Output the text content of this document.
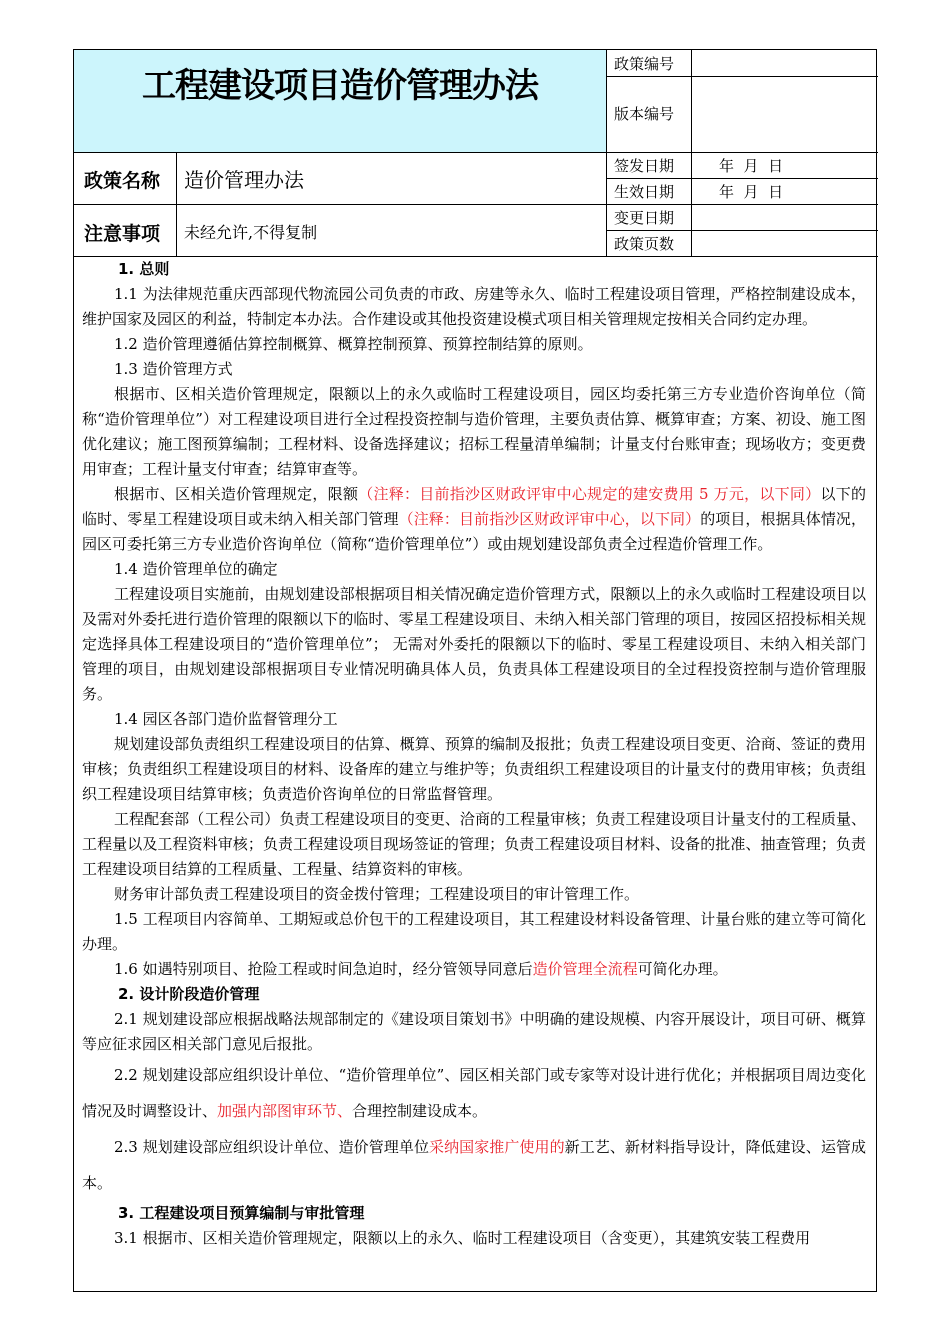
工程建设项目造价管理办法
政策编号
版本编号
签发日期	年  月  日
生效日期	年  月  日
变更日期
政策页数
政策名称 造价管理办法
注意事项 未经允许,不得复制

1. 总则

1.1 为法律规范重庆西部现代物流园公司负责的市政、房建等永久、临时工程建设项目管理，严格控制建设成本，维护国家及园区的利益，特制定本办法。合作建设或其他投资建设模式项目相关管理规定按相关合同约定办理。

1.2 造价管理遵循估算控制概算、概算控制预算、预算控制结算的原则。

1.3 造价管理方式

根据市、区相关造价管理规定，限额以上的永久或临时工程建设项目，园区均委托第三方专业造价咨询单位（简称“造价管理单位”）对工程建设项目进行全过程投资控制与造价管理，主要负责估算、概算审查；方案、初设、施工图优化建议；施工图预算编制；工程材料、设备选择建议；招标工程量清单编制；计量支付台账审查；现场收方；变更费用审查；工程计量支付审查；结算审查等。

根据市、区相关造价管理规定，限额（注释：目前指沙区财政评审中心规定的建安费用 5 万元，以下同）以下的临时、零星工程建设项目或未纳入相关部门管理（注释：目前指沙区财政评审中心，以下同）的项目，根据具体情况，园区可委托第三方专业造价咨询单位（简称“造价管理单位”）或由规划建设部负责全过程造价管理工作。

1.4 造价管理单位的确定

工程建设项目实施前，由规划建设部根据项目相关情况确定造价管理方式，限额以上的永久或临时工程建设项目以及需对外委托进行造价管理的限额以下的临时、零星工程建设项目、未纳入相关部门管理的项目，按园区招投标相关规定选择具体工程建设项目的“造价管理单位”； 无需对外委托的限额以下的临时、零星工程建设项目、未纳入相关部门管理的项目，由规划建设部根据项目专业情况明确具体人员，负责具体工程建设项目的全过程投资控制与造价管理服务。

1.4 园区各部门造价监督管理分工

规划建设部负责组织工程建设项目的估算、概算、预算的编制及报批；负责工程建设项目变更、洽商、签证的费用审核；负责组织工程建设项目的材料、设备库的建立与维护等；负责组织工程建设项目的计量支付的费用审核；负责组织工程建设项目结算审核；负责造价咨询单位的日常监督管理。

工程配套部（工程公司）负责工程建设项目的变更、洽商的工程量审核；负责工程建设项目计量支付的工程质量、工程量以及工程资料审核；负责工程建设项目现场签证的管理；负责工程建设项目材料、设备的批准、抽查管理；负责工程建设项目结算的工程质量、工程量、结算资料的审核。

财务审计部负责工程建设项目的资金拨付管理；工程建设项目的审计管理工作。

1.5 工程项目内容简单、工期短或总价包干的工程建设项目，其工程建设材料设备管理、计量台账的建立等可简化办理。

1.6 如遇特别项目、抢险工程或时间急迫时，经分管领导同意后造价管理全流程可简化办理。

2. 设计阶段造价管理

2.1 规划建设部应根据战略法规部制定的《建设项目策划书》中明确的建设规模、内容开展设计，项目可研、概算等应征求园区相关部门意见后报批。

2.2 规划建设部应组织设计单位、“造价管理单位”、园区相关部门或专家等对设计进行优化；并根据项目周边变化情况及时调整设计、加强内部图审环节、合理控制建设成本。

2.3 规划建设部应组织设计单位、造价管理单位采纳国家推广使用的新工艺、新材料指导设计，降低建设、运管成本。

3. 工程建设项目预算编制与审批管理

3.1 根据市、区相关造价管理规定，限额以上的永久、临时工程建设项目（含变更），其建筑安装工程费用
